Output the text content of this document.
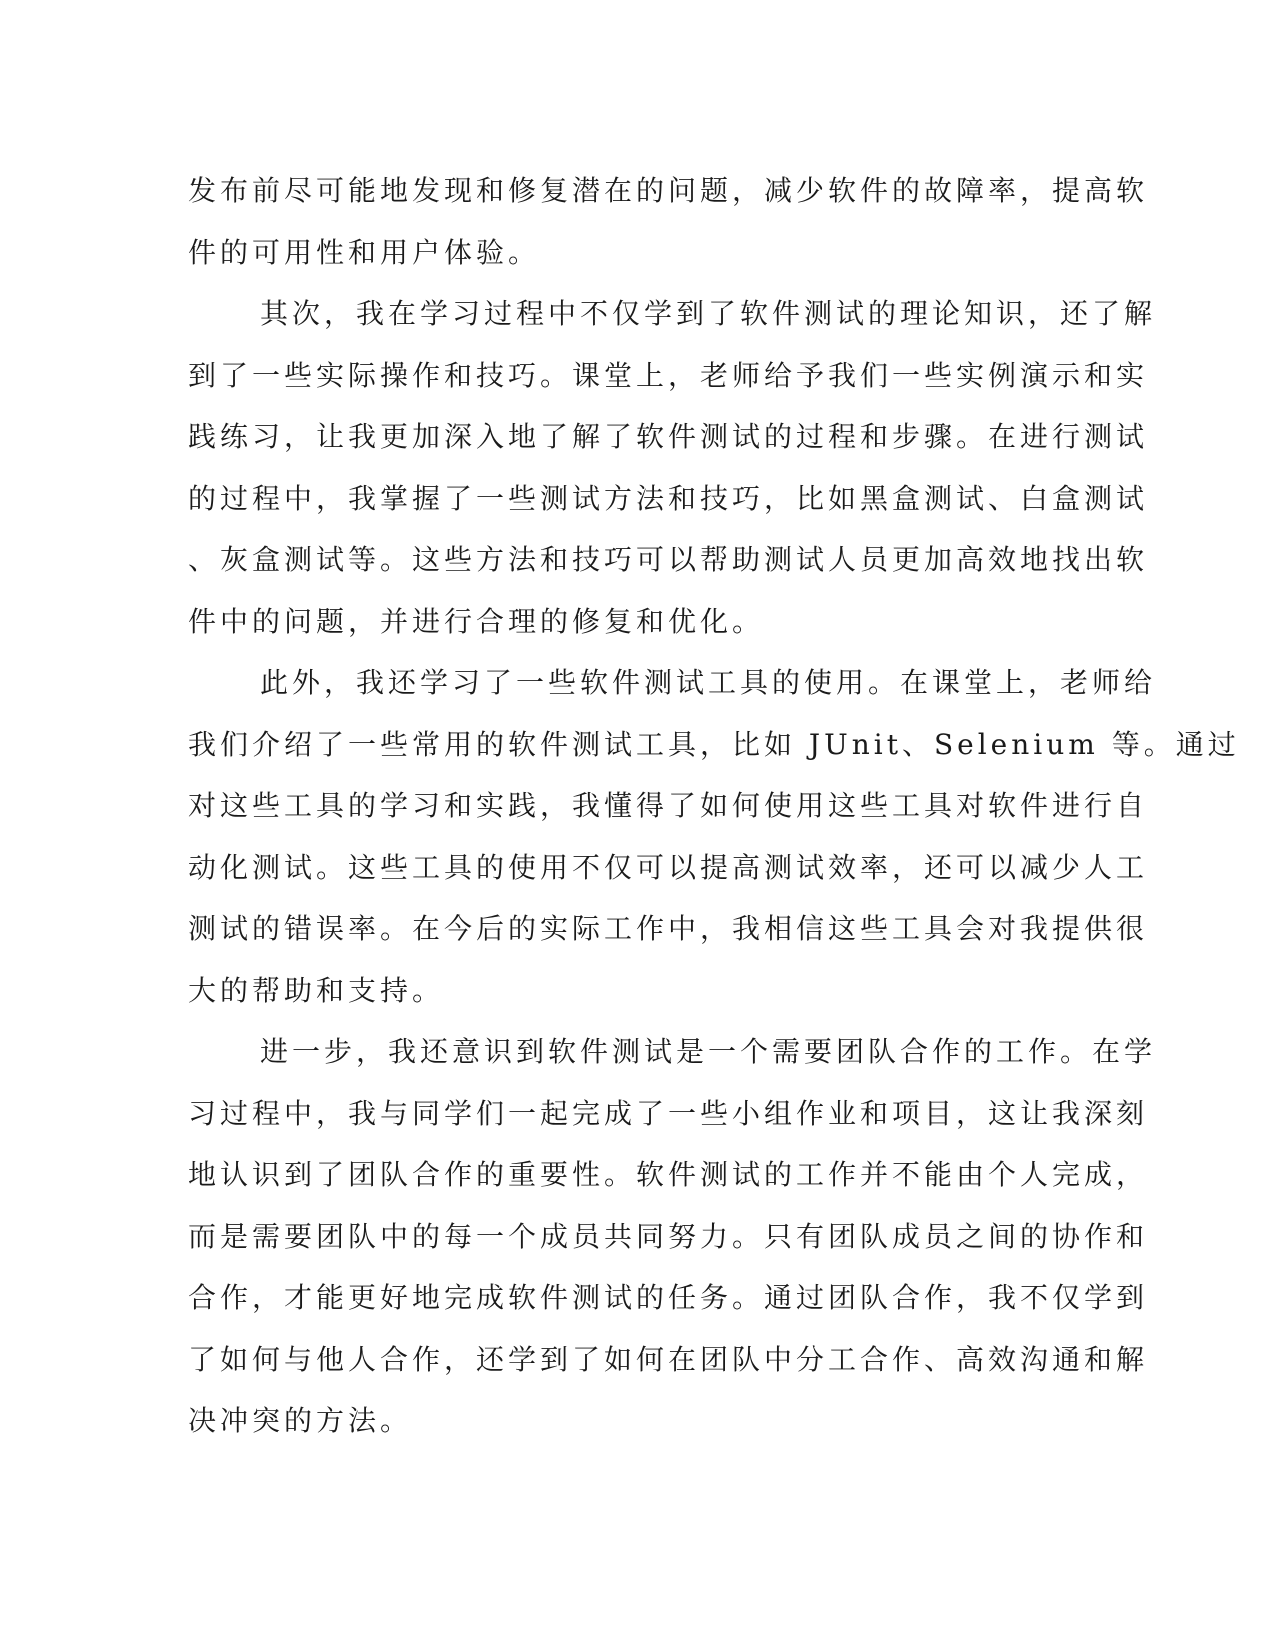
发布前尽可能地发现和修复潜在的问题，减少软件的故障率，提高软
件的可用性和用户体验。
其次，我在学习过程中不仅学到了软件测试的理论知识，还了解
到了一些实际操作和技巧。课堂上，老师给予我们一些实例演示和实
践练习，让我更加深入地了解了软件测试的过程和步骤。在进行测试
的过程中，我掌握了一些测试方法和技巧，比如黑盒测试、白盒测试
、灰盒测试等。这些方法和技巧可以帮助测试人员更加高效地找出软
件中的问题，并进行合理的修复和优化。
此外，我还学习了一些软件测试工具的使用。在课堂上，老师给
我们介绍了一些常用的软件测试工具，比如 JUnit、Selenium 等。通过
对这些工具的学习和实践，我懂得了如何使用这些工具对软件进行自
动化测试。这些工具的使用不仅可以提高测试效率，还可以减少人工
测试的错误率。在今后的实际工作中，我相信这些工具会对我提供很
大的帮助和支持。
进一步，我还意识到软件测试是一个需要团队合作的工作。在学
习过程中，我与同学们一起完成了一些小组作业和项目，这让我深刻
地认识到了团队合作的重要性。软件测试的工作并不能由个人完成，
而是需要团队中的每一个成员共同努力。只有团队成员之间的协作和
合作，才能更好地完成软件测试的任务。通过团队合作，我不仅学到
了如何与他人合作，还学到了如何在团队中分工合作、高效沟通和解
决冲突的方法。
